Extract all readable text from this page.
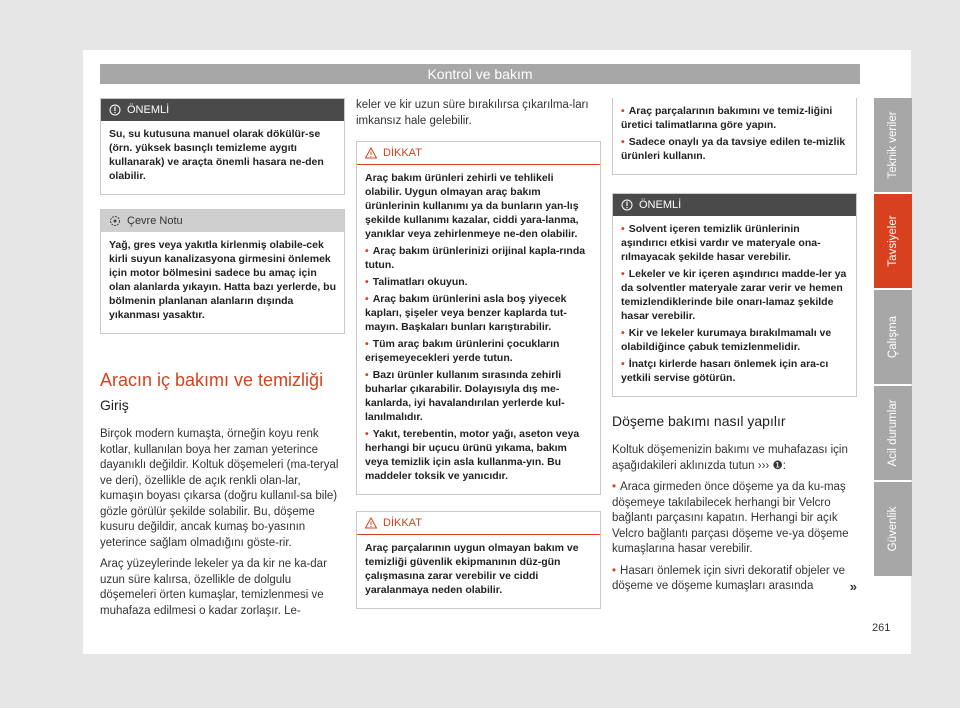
Kontrol ve bakım
ÖNEMLİ

Su, su kutusuna manuel olarak dökülür-se (örn. yüksek basınçlı temizleme aygıtı kullanarak) ve araçta önemli hasara ne-den olabilir.

Çevre Notu

Yağ, gres veya yakıtla kirlenmiş olabile-cek kirli suyun kanalizasyona girmesini önlemek için motor bölmesini sadece bu amaç için olan alanlarda yıkayın. Hatta bazı yerlerde, bu bölmenin planlanan alanların dışında yıkanması yasaktır.

Aracın iç bakımı ve temizliği
Giriş

Birçok modern kumaşta, örneğin koyu renk kotlar, kullanılan boya her zaman yeterince dayanıklı değildir. Koltuk döşemeleri (ma-teryal ve deri), özellikle de açık renkli olan-lar, kumaşın boyası çıkarsa (doğru kullanıl-sa bile) gözle görülür şekilde solabilir. Bu, döşeme kusuru değildir, ancak kumaş bo-yasının yeterince sağlam olmadığını göste-rir.

Araç yüzeylerinde lekeler ya da kir ne ka-dar uzun süre kalırsa, özellikle de dolgulu döşemeleri örten kumaşlar, temizlenmesi ve muhafaza edilmesi o kadar zorlaşır. Le-

keler ve kir uzun süre bırakılırsa çıkarılma-ları imkansız hale gelebilir.

DİKKAT

Araç bakım ürünleri zehirli ve tehlikeli olabilir. Uygun olmayan araç bakım ürünlerinin kullanımı ya da bunların yan-lış şekilde kullanımı kazalar, ciddi yara-lanma, yanıklar veya zehirlenmeye ne-den olabilir.

• Araç bakım ürünlerinizi orijinal kapla-rında tutun.

• Talimatları okuyun.

• Araç bakım ürünlerini asla boş yiyecek kapları, şişeler veya benzer kaplarda tut-mayın. Başkaları bunları karıştırabilir.

• Tüm araç bakım ürünlerini çocukların erişemeyecekleri yerde tutun.

• Bazı ürünler kullanım sırasında zehirli buharlar çıkarabilir. Dolayısıyla dış me-kanlarda, iyi havalandırılan yerlerde kul-lanılmalıdır.

• Yakıt, terebentin, motor yağı, aseton veya herhangi bir uçucu ürünü yıkama, bakım veya temizlik için asla kullanma-yın. Bu maddeler toksik ve yanıcıdır.

DİKKAT

Araç parçalarının uygun olmayan bakım ve temizliği güvenlik ekipmanının düz-gün çalışmasına zarar verebilir ve ciddi yaralanmaya neden olabilir.

• Araç parçalarının bakımını ve temiz-liğini üretici talimatlarına göre yapın.

• Sadece onaylı ya da tavsiye edilen te-mizlik ürünleri kullanın.

ÖNEMLİ

• Solvent içeren temizlik ürünlerinin aşındırıcı etkisi vardır ve materyale ona-rılmayacak şekilde hasar verebilir.

• Lekeler ve kir içeren aşındırıcı madde-ler ya da solventler materyale zarar verir ve hemen temizlendiklerinde bile onarı-lamaz şekilde hasar verebilir.

• Kir ve lekeler kurumaya bırakılmamalı ve olabildiğince çabuk temizlenmelidir.

• İnatçı kirlerde hasarı önlemek için ara-cı yetkili servise götürün.

Döşeme bakımı nasıl yapılır

Koltuk döşemenizin bakımı ve muhafazası için aşağıdakileri aklınızda tutun ››› ❶:

• Araca girmeden önce döşeme ya da ku-maş döşemeye takılabilecek herhangi bir Velcro bağlantı parçasını kapatın. Herhangi bir açık Velcro bağlantı parçası döşeme ve-ya döşeme kumaşlarına hasar verebilir.

• Hasarı önlemek için sivri dekoratif objeler ve döşeme ve döşeme kumaşları arasında	»

Teknik veriler
Tavsiyeler
Çalışma
Acil durumlar
Güvenlik
261
